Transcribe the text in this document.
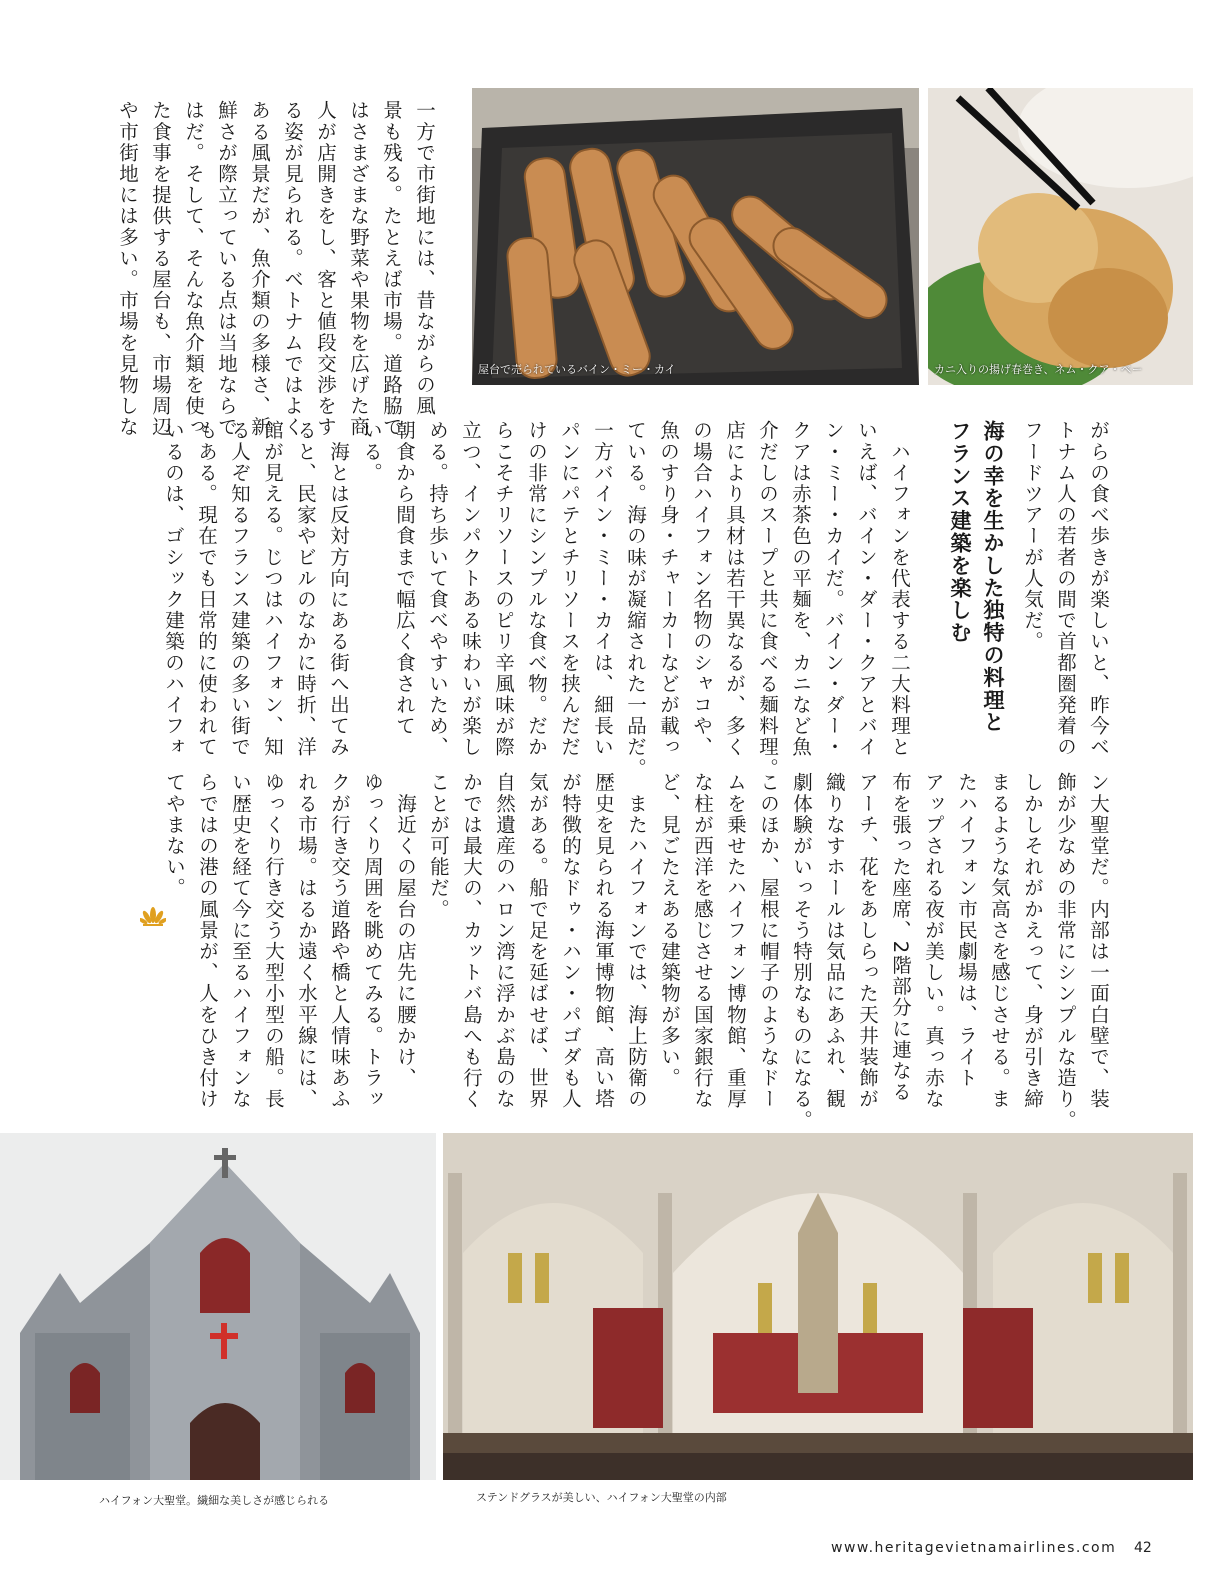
屋台で売られているバイン・ミー・カイ	カニ入りの揚げ春巻き、ネム・クア・ベー
一方で市街地には、昔ながらの風
景も残る。たとえば市場。道路脇で
はさまざまな野菜や果物を広げた商
人が店開きをし、客と値段交渉をす
る姿が見られる。ベトナムではよく
ある風景だが、魚介類の多様さ、新
鮮さが際立っている点は当地ならで
はだ。そして、そんな魚介類を使っ
た食事を提供する屋台も、市場周辺
や市街地には多い。市場を見物しな
がらの食べ歩きが楽しいと、昨今ベ
トナム人の若者の間で首都圏発着の
フードツアーが人気だ。
海の幸を生かした独特の料理と
フランス建築を楽しむ
　ハイフォンを代表する二大料理と
いえば、バイン・ダー・クアとバイ
ン・ミー・カイだ。バイン・ダー・
クアは赤茶色の平麺を、カニなど魚
介だしのスープと共に食べる麺料理。
店により具材は若干異なるが、多く
の場合ハイフォン名物のシャコや、
魚のすり身・チャーカーなどが載っ
ている。海の味が凝縮された一品だ。
一方バイン・ミー・カイは、細長い
パンにパテとチリソースを挟んだだ
けの非常にシンプルな食べ物。だか
らこそチリソースのピリ辛風味が際
立つ、インパクトある味わいが楽し
める。持ち歩いて食べやすいため、
朝食から間食まで幅広く食されて
いる。
　海とは反対方向にある街へ出てみ
ると、民家やビルのなかに時折、洋
館が見える。じつはハイフォン、知
る人ぞ知るフランス建築の多い街で
もある。現在でも日常的に使われて
いるのは、ゴシック建築のハイフォ
ン大聖堂だ。内部は一面白壁で、装
飾が少なめの非常にシンプルな造り。
しかしそれがかえって、身が引き締
まるような気高さを感じさせる。ま
たハイフォン市民劇場は、ライト
アップされる夜が美しい。真っ赤な
布を張った座席、2階部分に連なる
アーチ、花をあしらった天井装飾が
織りなすホールは気品にあふれ、観
劇体験がいっそう特別なものになる。
このほか、屋根に帽子のようなドー
ムを乗せたハイフォン博物館、重厚
な柱が西洋を感じさせる国家銀行な
ど、見ごたえある建築物が多い。
　またハイフォンでは、海上防衛の
歴史を見られる海軍博物館、高い塔
が特徴的なドゥ・ハン・パゴダも人
気がある。船で足を延ばせば、世界
自然遺産のハロン湾に浮かぶ島のな
かでは最大の、カットバ島へも行く
ことが可能だ。
　海近くの屋台の店先に腰かけ、
ゆっくり周囲を眺めてみる。トラッ
クが行き交う道路や橋と人情味あふ
れる市場。はるか遠く水平線には、
ゆっくり行き交う大型小型の船。長
い歴史を経て今に至るハイフォンな
らではの港の風景が、人をひき付け
てやまない。
ハイフォン大聖堂。繊細な美しさが感じられる	ステンドグラスが美しい、ハイフォン大聖堂の内部
www.heritagevietnamairlines.com 42
